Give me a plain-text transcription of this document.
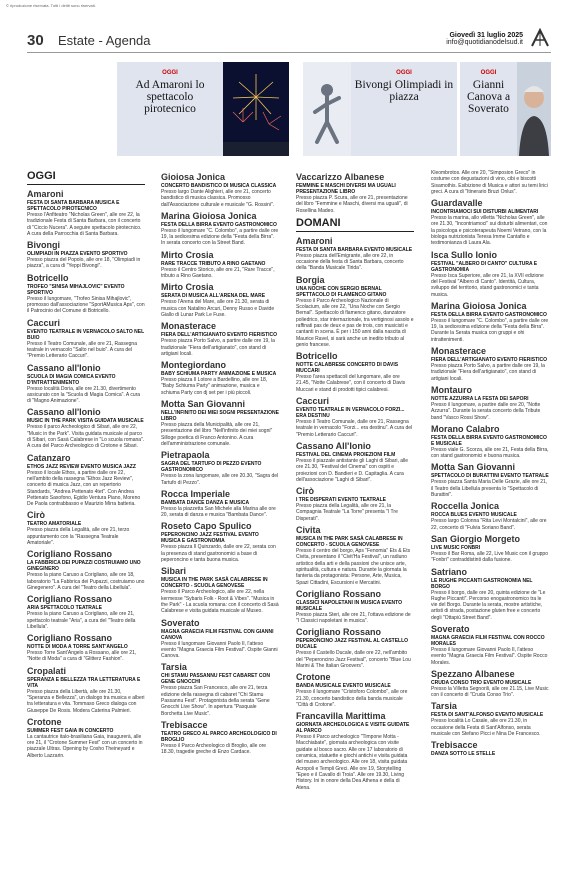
© riproduzione riservata. Tutti i diritti sono riservati.
30 Estate - Agenda	Giovedì 31 luglio 2025
info@quotidianodelsud.it
OGGI
Ad Amaroni lo spettacolo pirotecnico
OGGI
Bivongi Olimpiadi in piazza
OGGI
Gianni Canova a Soverato
OGGI
Amaroni
FESTA DI SANTA BARBARA MUSICA E SPETTACOLO PIROTECNICO
Presso l'Anfiteatro "Nicholas Green", alle ore 22, la tradizionale Festa di Santa Barbara, con il concerto di "Ciccio Nucera". A seguire spettacolo pirotecnico. A cura della Parrocchia di Santa Barbara.
Bivongi
OLIMPIADI IN PIAZZA EVENTO SPORTIVO
Presso piazza del Popolo, alle ore 18, "Olimpiadi in piazza", a cura di "Yeppi Bivongi".
Botricello
TROFEO "SINISA MIHAJLOVIC" EVENTO SPORTIVO
Presso il lungomare, "Trofeo Sinisa Mihajlovic", promosso dall'associazione "SportAMusica Aps", con il Patrocinio del Comune di Botricello.
Caccuri
EVENTO TEATRALE IN VERNACOLO SALTO NEL BUIO
Presso il Teatro Comunale, alle ore 21, Rassegna teatrale in vernacolo "Salto nel buio". A cura del "Premio Letterario Caccuri".
Cassano all'Ionio
SCUOLA DI MAGIA COMICA EVENTO D'INTRATTENIMENTO
Presso località Doria, alle ore 21.30, divertimento assicurato con la "Scuola di Magia Comica". A cura di "Magno Animazione".
Cassano all'Ionio
MUSIC IN THE PARK VISITA GUIDATA MUSICALE
Presso il parco Archeologico di Sibari, alle ore 22, "Music in the Park". Visita guidata musicale al parco di Sibari, con Sasà Calabrese in "Lo scuola romana". A cura del Parco Archeologico di Crotone e Sibari.
Catanzaro
ETHOS JAZZ REVIEW EVENTO MUSICA JAZZ
Presso il locale Ethos, a partire dalle ore 22, nell'ambito della rassegna "Ethos Jazz Review", concerto di musica Jazz, con un repertorio Standards, "Andrea Pettenato 4tet". Con Andrea Pettenato Saxofono, Egidio Ventura Piano, Moreno De Paola contrabbasso e Maurizio Mirra batteria.
Cirò
TEATRO AMATORIALE
Presso piazza della Legalità, alle ore 21, terzo appuntamento con la "Rassegna Teatrale Amatoriale".
Corigliano Rossano
LA FABBRICA DEI PUPAZZI COSTRUIAMO UNO GINEGINERO
Presso la piano Caruso a Corigliano, alle ore 18, laboratorio "La Fabbrica dei Pupazzi, costruiamo uno Ginegenero". A cura del "Teatro della Libellula".
Corigliano Rossano
ARIA SPETTACOLO TEATRALE
Presso la piano Caruso a Corigliano, alle ore 21, spettacolo teatrale "Aria", a cura del "Teatro della Libellula".
Corigliano Rossano
NOTTE DI MODA A TORRE SANT'ANGELO
Presso Torre Sant'Angelo a Rossano, alle ore 21, "Notte di Moda" a cura di "Glitterz Fashion".
Cropalati
SPERANZA E BELLEZZA TRA LETTERATURA E VITA
Presso piazza della Libertà, alle ore 21.30, "Speranza e Bellezza", un dialogo tra musica e alberi tra letteratura e vita. Tommaso Greco dialoga con Giuseppe De Rosis. Modera Caterina Palmieri.
Crotone
SUMMER FEST GAIA IN CONCERTO
La cantautrice italo-brasiliana Gaia, inaugurerà, alle ore 21, il "Crotone Summer Fest" con un concerto in piazzale Ultras. Opening by Cosho Theineyard e Alberto Lazzarin.
Gioiosa Jonica
CONCERTO BANDISTICO DI MUSICA CLASSICA
Presso largo Dante Alighieri, alle ore 21, concerto bandistico di musica classica. Promosso dall'Associazione culturale e musicale "G. Rossini".
Marina Gioiosa Jonica
FESTA DELLA BIRRA EVENTO GASTRONOMICO
Presso il lungomare "C. Colombo", a partire dalle ore 19, la sedicesima edizione della "Festa della Birra". In serata concerto con la Street Band.
Mirto Crosia
RARE TRACCE TRIBUTO A RINO GAETANO
Presso il Centro Storico, alle ore 21, "Rare Tracce", tributo a Rino Gaetano.
Mirto Crosia
SERATA DI MUSICA ALL'ARENA DEL MARE
Presso l'Arena del Mare, alle ore 21.30, serata di musica con Natalino Arcuri, Denny Russo e Davide Giallo di Lunar Park Le Fuse.
Monasterace
FIERA DELL'ARTIGIANATO EVENTO FIERISTICO
Presso piazza Porto Salvo, a partire dalle ore 19, la tradizionale "Fiera dell'artigianato", con stand di artigiani locali.
Montegiordano
BABY SCHIUMA PARTY ANIMAZIONE E MUSICA
Presso piazza Il Lotore a Bardellino, alle ore 18, "Baby Schiuma Party" animazione, musica e schiuma Party con dj set per i più piccoli.
Motta San Giovanni
NELL'INFINITO DEI MIEI SOGNI PRESENTAZIONE LIBRO
Presso piazza della Municipalità, alle ore 21, presentazione del libro "Nell'infinito dei miei sogni" Silloge poetica di Franco Antonino. A cura dell'amministrazione comunale.
Pietrapaola
SAGRA DEL TARTUFO DI PEZZO EVENTO GASTRONOMICO
Presso la zona lungomare, alle ore 20.30, "Sagra del Tartufo di Pezzo".
Rocca Imperiale
BAMBATA DANCE DANZA E MUSICA
Presso la piazzetta San Michele alla Marina alle ore 20, serata di danza e musica "Bambata Dance".
Roseto Capo Spulico
PEPERONCINO JAZZ FESTIVAL EVENTO MUSICA E GASTRONOMIA
Presso piazza Il Quinzardo, dalle ore 22, serata con la presenza di stand gastronomici a base di peperoncino e tanta buona musica.
Sibari
MUSICA IN THE PARK SASÀ CALABRESE IN CONCERTO - SCUOLA GENOVESE
Presso il Parco Archeologico, alle ore 22, nella kermesse "Sybaris Folk - Root & Vibes". "Musica in the Park" - La scuola romana: con il concerto di Sasà Calabrese e visita guidata musicale al Museo.
Soverato
MAGNA GRAECIA FILM FESTIVAL CON GIANNI CANOVA
Presso il lungomare Giovanni Paolo II, l'atteso evento "Magna Graecia Film Festival". Ospite Gianni Canova.
Tarsia
CHI STAMU PASSANNU FEST CABARET CON GENE GNOCCHI
Presso piazza San Francesco, alle ore 21, terza edizione della rassegna di cabaret "Chi Stamu Passannu Fest". Protagonista della serata "Gene Gnocchi Live Show". In apertura "Pasquale Borchetta Live Music".
Trebisacce
TEATRO GRECO AL PARCO ARCHEOLOGICO DI BROGLIO
Presso il Parco Archeologico di Broglio, alle ore 18.30, tragedie greche di Enzo Cardace.
Vaccarizzo Albanese
FEMMINE E MASCHI DIVERSI MA UGUALI PRESENTAZIONE LIBRO
Presso piazza P. Scura, alle ore 21, presentazione del libro "Femmine e Maschi, diversi ma uguali", di Rosellina Madeo.
DOMANI
Amaroni
FESTA DI SANTA BARBARA EVENTO MUSICALE
Presso piazza dell'Emigrante, alle ore 22, in occasione della festa di Santa Barbara, concerto della "Banda Musicale Tirida".
Borgia
UNA NOCHE CON SERGIO BERNAL SPETTACOLO DI FLAMENCO GITANO
Presso il Parco Archeologico Nazionale di Scolacium, alle ore 22, "Una Noche con Sergio Bernal". Spettacolo di flamenco gitano, danzatore poliedrico, star internazionale, tra vertiginosi assolo e raffinati pas de deux e pas de trois, con musicisti e cantanti in scena. È per i 150 anni dalla nascita di Maurice Ravel, si sarà anche un inedito tributo al genio francese.
Botricello
NOTTE CALABRESE CONCERTO DI DAVIS MUCCARI
Presso l'area spettacoli del lungomare, alle ore 21.45, "Notte Calabrese", con il concerto di Davis Muccari e stand di prodotti tipici calabresi.
Caccuri
EVENTO TEATRALE IN VERNACOLO FORZI... ERA DESTINU
Presso il Teatro Comunale, dalle ore 21, Rassegna teatrale in vernacolo "Forzi... era destinu". A cura del "Premio Letterario Caccuri".
Cassano All'Ionio
FESTIVAL DEL CINEMA PROIEZIONI FILM
Presso il piazzale antistante gli Laghi di Sibari, alle ore 21.30, "Festival del Cinema" con ospiti e proiezioni con D. Bandieri e D. Capitaglia. A cura dell'associazione "Laghi di Sibari".
Cirò
I TRE DISPERATI EVENTO TEATRALE
Presso piazza della Legalità, alle ore 21, la Compagnia Teatrale "La Torre" presenta "I Tre Disperati".
Civita
MUSICA IN THE PARK SASÀ CALABRESE IN CONCERTO - SCUOLA GENOVESE
Presso il centro del borgo, Aps "Fenomia" Ets & Ets Civita, presentano il "Civit'Ha Festival", un radiuno artistico della arti e della passioni che unisce arte, spiritualità, cultura e natura. Durante la giornata la fanteria da protagonista: Persone, Arte, Musica, Spazi Cittadini, Escursioni e Mercatini.
Corigliano Rossano
CLASSICI NAPOLETANI IN MUSICA EVENTO MUSICALE
Presso piazza Steri, alle ore 21, l'ottava edizione de "I Classici napoletani in musica".
Corigliano Rossano
PEPERONCINO JAZZ FESTIVAL AL CASTELLO DUCALE
Presso il Castello Ducale, dalle ore 22, nell'ambito del "Peperoncino Jazz Festival", concerto "Blue Lou Marini & The Italian Groovers".
Crotone
BANDA MUSICALE EVENTO MUSICALE
Presso il lungomare "Cristoforo Colombo", alle ore 21.30, concerto bandistico della banda musicale "Città di Crotone".
Francavilla Marittima
GIORNATA ARCHEOLOGICA E VISITE GUIDATE AL PARCO
Presso il Parco archeologico "Timpone Motta - Macchiabate", giornata archeologica con visite guidate al bosco sacro. Alle ore 17 laboratorio di ceramica, statuette e giochi antichi e visita guidata del museo archeologico. Alle ore 18, visita guidata Acropoli e Templi Greci. Alle ore 19, Storytelling "Epeo e il Cavallo di Troia". Alle ore 19.30, Living History. Ini in onore della Dea Athena e della di Atena.
Kleombrotos. Alle ore 20, "Simposion Greco" in costume con degustazioni di vino, cibi e biscotti Sisamothis. Esibizione di Musica e attori su temi lirici greci. A cura di "Itinerario Bruzi Onlus".
Guardavalle
INCONTRIAMOCI SUI DISTURBI ALIMENTARI
Presso la marina, allo villetta "Nicholas Green", alle ore 21.30, "Incontriamoci" sui disturbi alimentari, con la psicologa e psicoterapeuta Noemi Vetrano, con la biologa nutrizionista Teresa Imme Cantafio e testimonianza di Laura Ala.
Isca Sullo Ionio
FESTIVAL "ALBERO DI CANTO" CULTURA E GASTRONOMIA
Presso Isca Superiore, alle ore 21, la XVII edizione del Festival "Albero di Canto". Identità, Cultura, sviluppo del territorio, stand gastronomici e tanta musica.
Marina Gioiosa Jonica
FESTA DELLA BIRRA EVENTO GASTRONOMICO
Presso il lungomare "C. Colombo", a partire dalle ore 19, la sedicesima edizione della "Festa della Birra". Durante la Serata musica con gruppi e ohi intrattenimenti.
Monasterace
FIERA DELL'ARTIGIANATO EVENTO FIERISTICO
Presso piazza Porto Salvo, a partire dalle ore 19, la tradizionale "Fiera dell'artigianato", con stand di artigiani locali.
Montauro
NOTTE AZZURRA LA FESTA DEI SAPORI
Presso il lungomare, a partire dalle ore 20, "Notte Azzurra". Durante la serata concerto della Tribute band "Vasco Rossi Show".
Morano Calabro
FESTA DELLA BIRRA EVENTO GASTRONOMICO E MUSICALE
Presso viale G. Scorza, alle ore 21, Festa della Birra, con stand gastronomici e buona musica.
Motta San Giovanni
SPETTACOLO DI BURATTINI EVENTO TEATRALE
Presso piazza Santa Maria Delle Grazie, alle ore 21, il Teatro della Libellula presenta lo "Spettacolo di Burattini".
Roccella Jonica
ROCCA BLUES EVENTO MUSICALE
Presso largo Colonna "Rita Levi Montalcini", alle ore 22, concerto di "Fulvia Soriano Band".
San Giorgio Morgeto
LIVE MUSIC FONBRI
Presso il Bar Roma, alle 22, Live Music con il gruppo "Fonbri" contraddistinti dalla fusione.
Satriano
LE RUGHE PICCANTI GASTRONOMIA NEL BORGO
Presso il borgo, dalle ore 20, quinta edizione de "Le Rughe Piccanti". Percorso enogastronomico tra le vie del Borgo. Durante la serata, mostre artistiche, artisti di strada, postazione gluten free e concerto degli "Ottapiù Street Band".
Soverato
MAGNA GRAECIA FILM FESTIVAL CON ROCCO MORALES
Presso il lungomare Giovanni Paolo II, l'atteso evento "Magna Graecia Film Festival". Ospite Rocco Morales.
Spezzano Albanese
CRUDA CONSO TRIO EVENTO MUSICALE
Presso la Villetta Segnorili, alle ore 21.15, Live Music con il concerto di "Cruda Conso Trio".
Tarsia
FESTA DI SANT'ALFONSO EVENTO MUSICALE
Presso località Lo Casale, alle ore 21.30, in occasione della Festa di Sant'Alfonso, serata musicale con Stefano Picci e Nina De Francesco.
Trebisacce
DANZA SOTTO LE STELLE
